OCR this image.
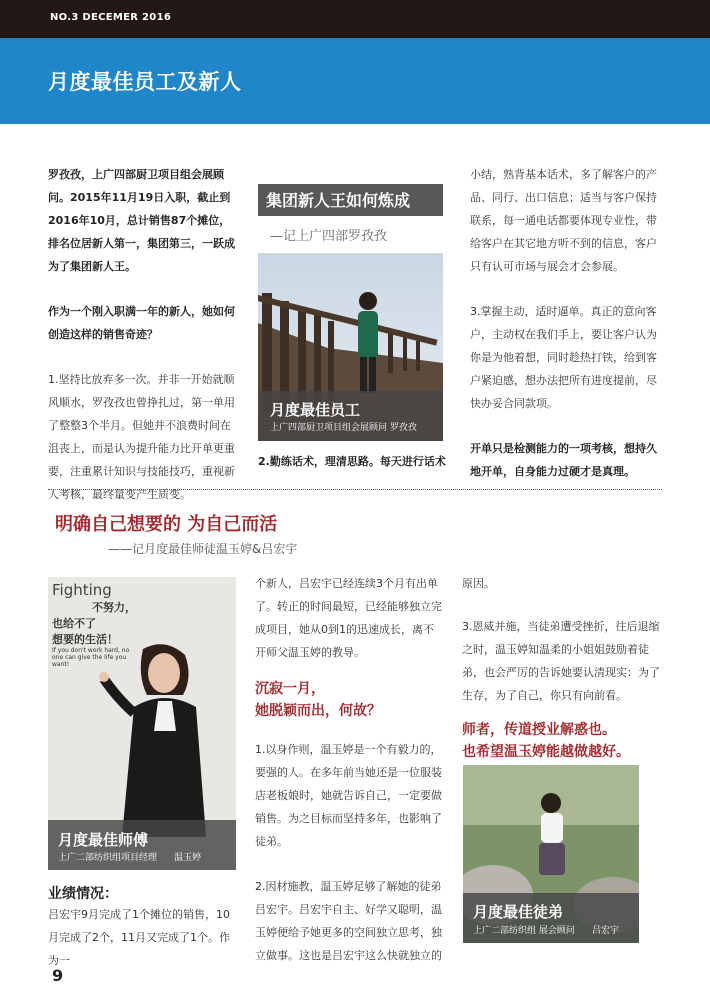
NO.3 DECEMER 2016
月度最佳员工及新人

罗孜孜，上广四部厨卫项目组会展顾问。2015年11月19日入职，截止到2016年10月，总计销售87个摊位，排名位居新人第一，集团第三，一跃成为了集团新人王。

作为一个刚入职满一年的新人，她如何创造这样的销售奇迹？

1.坚持比放弃多一次。并非一开始就顺风顺水，罗孜孜也曾挣扎过，第一单用了整整3个半月。但她并不浪费时间在沮丧上，而是认为提升能力比开单更重要，注重累计知识与技能技巧，重视新人考核，最终量变产生质变。

集团新人王如何炼成
—记上广四部罗孜孜
月度最佳员工
上广四部厨卫项目组会展顾问 罗孜孜
2.勤练话术，理清思路。每天进行话术

小结，熟背基本话术，多了解客户的产品、同行、出口信息；适当与客户保持联系，每一通电话都要体现专业性，带给客户在其它地方听不到的信息，客户只有认可市场与展会才会参展。

3.掌握主动，适时逼单。真正的意向客户，主动权在我们手上，要让客户认为你是为他着想，同时趁热打铁，给到客户紧迫感，想办法把所有进度提前，尽快办妥合同款项。

开单只是检测能力的一项考核，想持久地开单，自身能力过硬才是真理。

明确自己想要的 为自己而活
——记月度最佳师徒温玉婷&吕宏宇
Fighting
不努力，
也给不了
想要的生活！
If you don't work hard, no
one can give the life you
want!
月度最佳师傅
上广二部纺织组项目经理      温玉婷
业绩情况：
吕宏宇9月完成了1个摊位的销售，10月完成了2个，11月又完成了1个。作为一

个新人，吕宏宇已经连续3个月有出单了。转正的时间最短，已经能够独立完成项目，她从0到1的迅速成长，离不开师父温玉婷的教导。

沉寂一月，
她脱颖而出，何故？

1.以身作则，温玉婷是一个有毅力的，要强的人。在多年前当她还是一位服装店老板娘时，她就告诉自己，一定要做销售。为之目标而坚持多年，也影响了徒弟。

2.因材施教，温玉婷足够了解她的徒弟吕宏宇。吕宏宇自主、好学又聪明，温玉婷便给予她更多的空间独立思考，独立做事。这也是吕宏宇这么快就独立的

原因。

3.恩威并施，当徒弟遭受挫折，往后退缩之时，温玉婷知温柔的小姐姐鼓励着徒弟，也会严厉的告诉她要认清现实：为了生存，为了自己，你只有向前看。

师者，传道授业解惑也。
也希望温玉婷能越做越好。
月度最佳徒弟
上广二部纺织组 展会顾问      吕宏宇
9
